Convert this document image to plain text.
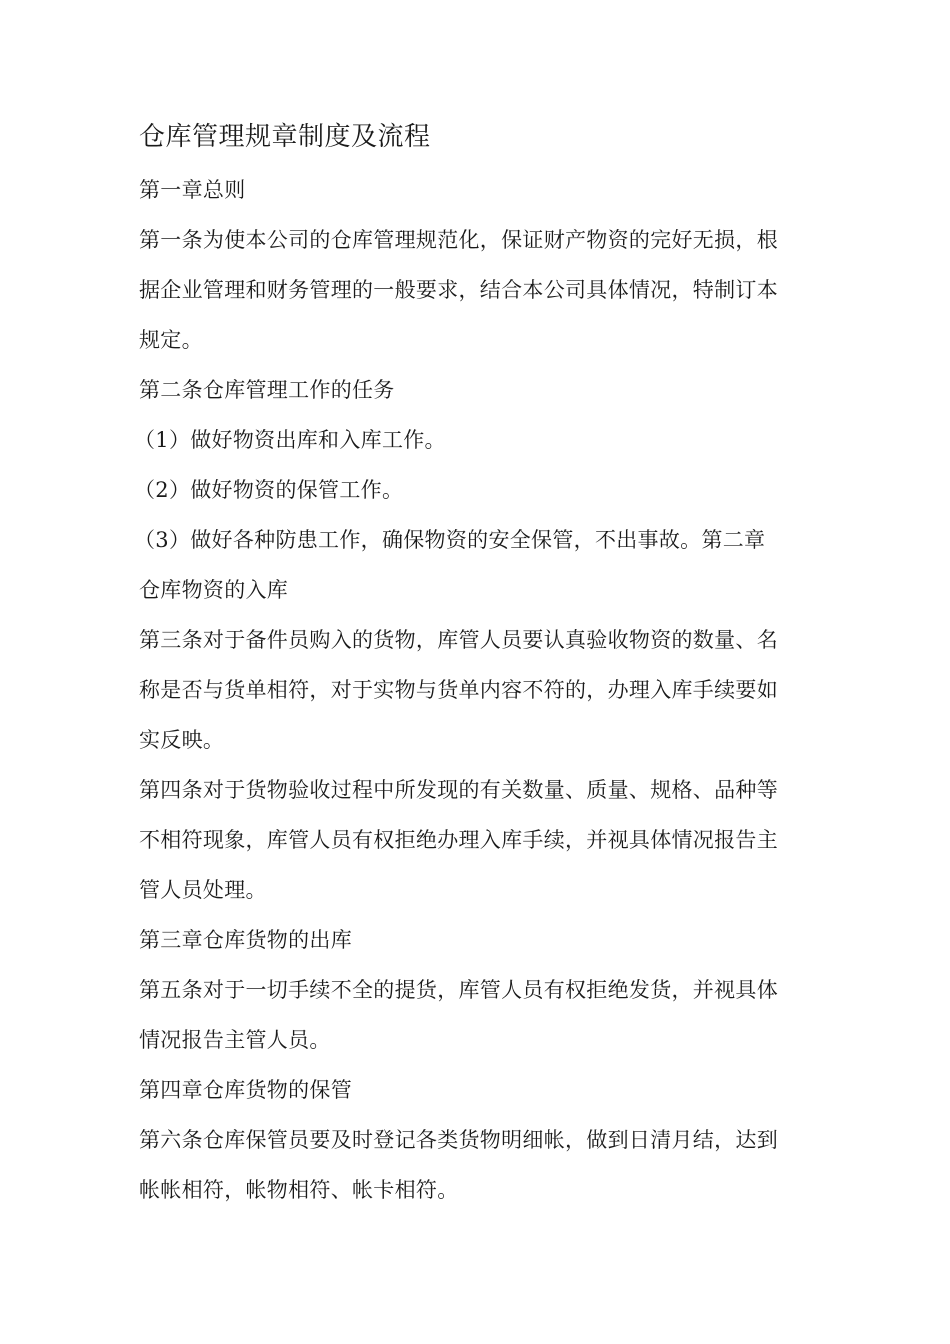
仓库管理规章制度及流程
第一章总则
第一条为使本公司的仓库管理规范化，保证财产物资的完好无损，根
据企业管理和财务管理的一般要求，结合本公司具体情况，特制订本
规定。
第二条仓库管理工作的任务
（1）做好物资出库和入库工作。
（2）做好物资的保管工作。
（3）做好各种防患工作，确保物资的安全保管，不出事故。第二章
仓库物资的入库
第三条对于备件员购入的货物，库管人员要认真验收物资的数量、名
称是否与货单相符，对于实物与货单内容不符的，办理入库手续要如
实反映。
第四条对于货物验收过程中所发现的有关数量、质量、规格、品种等
不相符现象，库管人员有权拒绝办理入库手续，并视具体情况报告主
管人员处理。
第三章仓库货物的出库
第五条对于一切手续不全的提货，库管人员有权拒绝发货，并视具体
情况报告主管人员。
第四章仓库货物的保管
第六条仓库保管员要及时登记各类货物明细帐，做到日清月结，达到
帐帐相符，帐物相符、帐卡相符。
